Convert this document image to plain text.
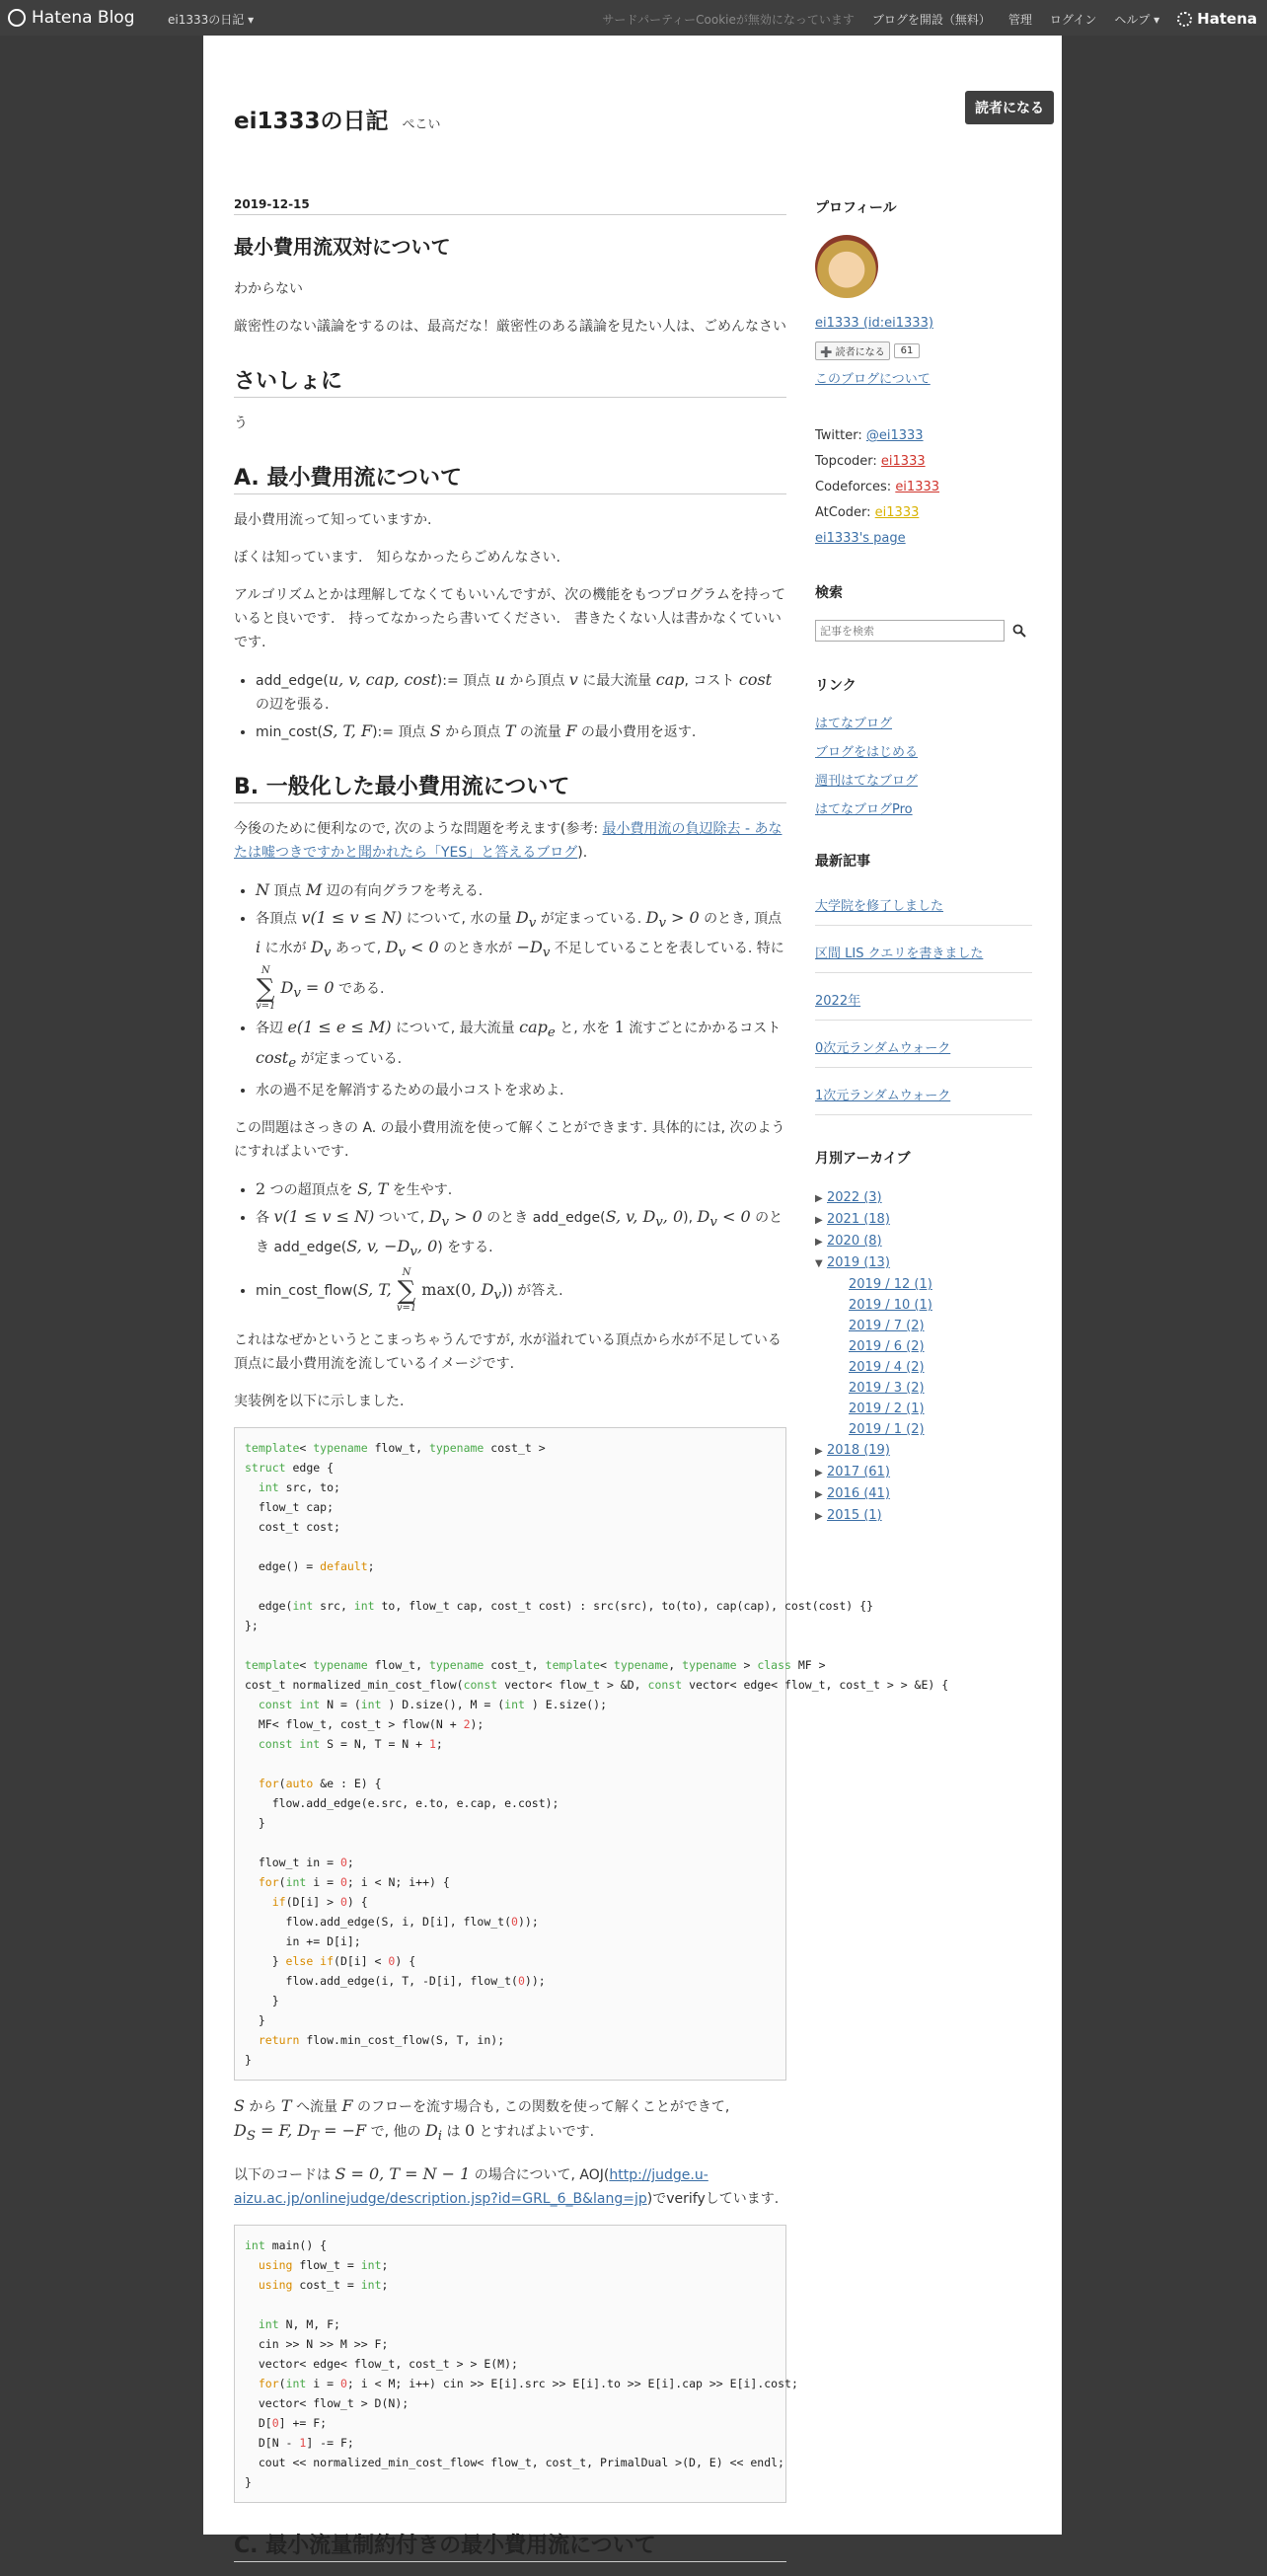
Hatena Blog	ei1333の日記 ▾	サードパーティーCookieが無効になっています ブログを開設（無料） 管理 ログイン ヘルプ ▾	Hatena
ei1333の日記 ぺこい
2019-12-15
最小費用流双対について

わからない

厳密性のない議論をするのは、最高だな！厳密性のある議論を見たい人は、ごめんなさい

さいしょに

う

A. 最小費用流について

最小費用流って知っていますか.

ぼくは知っています.　知らなかったらごめんなさい.

アルゴリズムとかは理解してなくてもいいんですが、次の機能をもつプログラムを持っていると良いです.　持ってなかったら書いてください.　書きたくない人は書かなくていいです.

• add_edge(u, v, cap, cost):= 頂点 u から頂点 v に最大流量 cap, コスト cost の辺を張る.
• min_cost(S, T, F):= 頂点 S から頂点 T の流量 F の最小費用を返す.
B. 一般化した最小費用流について

今後のために便利なので, 次のような問題を考えます(参考: 最小費用流の負辺除去 - あなたは嘘つきですかと聞かれたら「YES」と答えるブログ).

• N 頂点 M 辺の有向グラフを考える.
• 各頂点 v(1 ≤ v ≤ N) について, 水の量 $D_v$ が定まっている. $D_v > 0$ のとき, 頂点 i に水が $D_v$ あって, $D_v < 0$ のとき水が $-D_v$ 不足していることを表している. 特に
N
∑
v=1
$D_v = 0$ である.
• 各辺 e(1 ≤ e ≤ M) について, 最大流量 cap$_e$ と, 水を 1 流すごとにかかるコスト cost$_e$ が定まっている.
• 水の過不足を解消するための最小コストを求めよ.

この問題はさっきの A. の最小費用流を使って解くことができます. 具体的には, 次のようにすればよいです.

• 2 つの超頂点を S, T を生やす.
• 各 v(1 ≤ v ≤ N) ついて, $D_v > 0$ のとき add_edge(S, v, $D_v$, 0), $D_v < 0$ のとき add_edge(S, v, $-D_v$, 0) をする.
• min_cost_flow(S, T,
N
∑
v=1
max(0, $D_v$)) が答え.

これはなぜかというとこまっちゃうんですが, 水が溢れている頂点から水が不足している頂点に最小費用流を流しているイメージです.

実装例を以下に示しました.

template< typename flow_t, typename cost_t >
struct edge {
int src, to;
flow_t cap;
cost_t cost;

edge() = default;

edge(int src, int to, flow_t cap, cost_t cost) : src(src), to(to), cap(cap), cost(cost) {}
};

template< typename flow_t, typename cost_t, template< typename, typename > class MF >
cost_t normalized_min_cost_flow(const vector< flow_t > &D, const vector< edge< flow_t, cost_t > > &E) {
const int N = (int ) D.size(), M = (int ) E.size();
MF< flow_t, cost_t > flow(N + 2);
const int S = N, T = N + 1;

for(auto &e : E) {
flow.add_edge(e.src, e.to, e.cap, e.cost);
}

flow_t in = 0;
for(int i = 0; i < N; i++) {
if(D[i] > 0) {
flow.add_edge(S, i, D[i], flow_t(0));
in += D[i];
} else if(D[i] < 0) {
flow.add_edge(i, T, -D[i], flow_t(0));
}
}
return flow.min_cost_flow(S, T, in);
}

S から T へ流量 F のフローを流す場合も, この関数を使って解くことができて,
$D_S = F$, $D_T = -F$ で, 他の $D_i$ は 0 とすればよいです.

以下のコードは S = 0, T = N − 1 の場合について, AOJ(http://judge.u-aizu.ac.jp/onlinejudge/description.jsp?id=GRL_6_B&lang=jp)でverifyしています.

int main() {
using flow_t = int;
using cost_t = int;

int N, M, F;
cin >> N >> M >> F;
vector< edge< flow_t, cost_t > > E(M);
for(int i = 0; i < M; i++) cin >> E[i].src >> E[i].to >> E[i].cap >> E[i].cost;
vector< flow_t > D(N);
D[0] += F;
D[N - 1] -= F;
cout << normalized_min_cost_flow< flow_t, cost_t, PrimalDual >(D, E) << endl;
}
C. 最小流量制約付きの最小費用流について
プロフィール
ei1333 (id:ei1333)
➕ 読者になる	61
このブログについて
Twitter: @ei1333
Topcoder: ei1333
Codeforces: ei1333
AtCoder: ei1333
ei1333's page
検索
記事を検索
リンク
はてなブログ
ブログをはじめる
週刊はてなブログ
はてなブログPro
最新記事
大学院を修了しました
区間 LIS クエリを書きました
2022年
0次元ランダムウォーク
1次元ランダムウォーク
月別アーカイブ
▶ 2022 (3)
▶ 2021 (18)
▶ 2020 (8)
▼ 2019 (13)
2019 / 12 (1)
2019 / 10 (1)
2019 / 7 (2)
2019 / 6 (2)
2019 / 4 (2)
2019 / 3 (2)
2019 / 2 (1)
2019 / 1 (2)
▶ 2018 (19)
▶ 2017 (61)
▶ 2016 (41)
▶ 2015 (1)
読者になる
